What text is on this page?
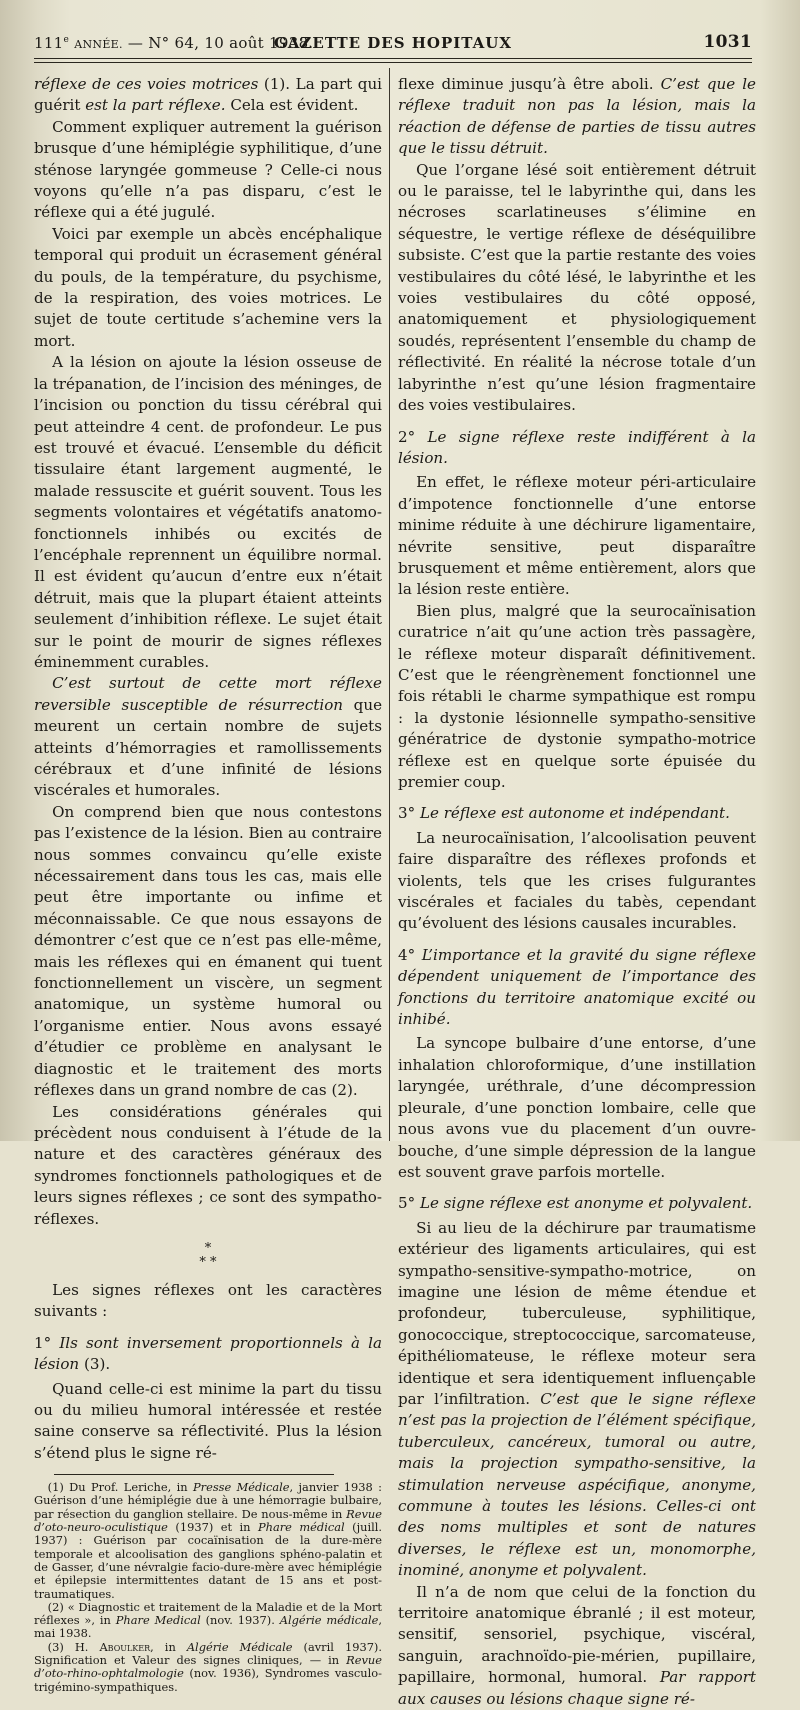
111e ANNÉE. — N° 64, 10 août 1938.
GAZETTE DES HOPITAUX	1031

réflexe de ces voies motrices (1). La part qui guérit est la part réflexe. Cela est évident.

Comment expliquer autrement la guérison brusque d’une hémiplégie syphilitique, d’une sténose laryngée gommeuse ? Celle-ci nous voyons qu’elle n’a pas disparu, c’est le réflexe qui a été jugulé.

Voici par exemple un abcès encéphalique temporal qui produit un écrasement général du pouls, de la température, du psychisme, de la respiration, des voies motrices. Le sujet de toute certitude s’achemine vers la mort.

A la lésion on ajoute la lésion osseuse de la trépanation, de l’incision des méninges, de l’incision ou ponction du tissu cérébral qui peut atteindre 4 cent. de profondeur. Le pus est trouvé et évacué. L’ensemble du déficit tissulaire étant largement augmenté, le malade ressuscite et guérit souvent. Tous les segments volontaires et végétatifs anatomo-fonctionnels inhibés ou excités de l’encéphale reprennent un équilibre normal. Il est évident qu’aucun d’entre eux n’était détruit, mais que la plupart étaient atteints seulement d’inhibition réflexe. Le sujet était sur le point de mourir de signes réflexes éminemment curables.

C’est surtout de cette mort réflexe reversible susceptible de résurrection que meurent un certain nombre de sujets atteints d’hémorragies et ramollissements cérébraux et d’une infinité de lésions viscérales et humorales.

On comprend bien que nous contestons pas l’existence de la lésion. Bien au contraire nous sommes convaincu qu’elle existe nécessairement dans tous les cas, mais elle peut être importante ou infime et méconnaissable. Ce que nous essayons de démontrer c’est que ce n’est pas elle-même, mais les réflexes qui en émanent qui tuent fonctionnellement un viscère, un segment anatomique, un système humoral ou l’organisme entier. Nous avons essayé d’étudier ce problème en analysant le diagnostic et le traitement des morts réflexes dans un grand nombre de cas (2).

Les considérations générales qui précèdent nous conduisent à l’étude de la nature et des caractères généraux des syndromes fonctionnels pathologiques et de leurs signes réflexes ; ce sont des sympatho-réflexes.

*
* *

Les signes réflexes ont les caractères suivants :

1° Ils sont inversement proportionnels à la lésion (3).

Quand celle-ci est minime la part du tissu ou du milieu humoral intéressée et restée saine conserve sa réflectivité. Plus la lésion s’étend plus le signe ré-

(1) Du Prof. Leriche, in Presse Médicale, janvier 1938 : Guérison d’une hémiplégie due à une hémorragie bulbaire, par résection du ganglion stellaire. De nous-même in Revue d’oto-neuro-oculistique (1937) et in Phare médical (juill. 1937) : Guérison par cocaïnisation de la dure-mère temporale et alcoolisation des ganglions sphéno-palatin et de Gasser, d’une névralgie facio-dure-mère avec hémiplégie et épilepsie intermittentes datant de 15 ans et post-traumatiques.

(2) « Diagnostic et traitement de la Maladie et de la Mort réflexes », in Phare Medical (nov. 1937). Algérie médicale, mai 1938.

(3) H. Aboulker, in Algérie Médicale (avril 1937). Signification et Valeur des signes cliniques, — in Revue d’oto-rhino-ophtalmologie (nov. 1936), Syndromes vasculo-trigémino-sympathiques.

flexe diminue jusqu’à être aboli. C’est que le réflexe traduit non pas la lésion, mais la réaction de défense de parties de tissu autres que le tissu détruit.

Que l’organe lésé soit entièrement détruit ou le paraisse, tel le labyrinthe qui, dans les nécroses scarlatineuses s’élimine en séquestre, le vertige réflexe de déséquilibre subsiste. C’est que la partie restante des voies vestibulaires du côté lésé, le labyrinthe et les voies vestibulaires du côté opposé, anatomiquement et physiologiquement soudés, représentent l’ensemble du champ de réflectivité. En réalité la nécrose totale d’un labyrinthe n’est qu’une lésion fragmentaire des voies vestibulaires.

2° Le signe réflexe reste indifférent à la lésion.

En effet, le réflexe moteur péri-articulaire d’impotence fonctionnelle d’une entorse minime réduite à une déchirure ligamentaire, névrite sensitive, peut disparaître brusquement et même entièrement, alors que la lésion reste entière.

Bien plus, malgré que la seurocaïnisation curatrice n’ait qu’une action très passagère, le réflexe moteur disparaît définitivement. C’est que le réengrènement fonctionnel une fois rétabli le charme sympathique est rompu : la dystonie lésionnelle sympatho-sensitive génératrice de dystonie sympatho-motrice réflexe est en quelque sorte épuisée du premier coup.

3° Le réflexe est autonome et indépendant.

La neurocaïnisation, l’alcoolisation peuvent faire disparaître des réflexes profonds et violents, tels que les crises fulgurantes viscérales et faciales du tabès, cependant qu’évoluent des lésions causales incurables.

4° L’importance et la gravité du signe réflexe dépendent uniquement de l’importance des fonctions du territoire anatomique excité ou inhibé.

La syncope bulbaire d’une entorse, d’une inhalation chloroformique, d’une instillation laryngée, uréthrale, d’une décompression pleurale, d’une ponction lombaire, celle que nous avons vue du placement d’un ouvre-bouche, d’une simple dépression de la langue est souvent grave parfois mortelle.

5° Le signe réflexe est anonyme et polyvalent.

Si au lieu de la déchirure par traumatisme extérieur des ligaments articulaires, qui est sympatho-sensitive-sympatho-motrice, on imagine une lésion de même étendue et profondeur, tuberculeuse, syphilitique, gonococcique, streptococcique, sarcomateuse, épithéliomateuse, le réflexe moteur sera identique et sera identiquement influençable par l’infiltration. C’est que le signe réflexe n’est pas la projection de l’élément spécifique, tuberculeux, cancéreux, tumoral ou autre, mais la projection sympatho-sensitive, la stimulation nerveuse aspécifique, anonyme, commune à toutes les lésions. Celles-ci ont des noms multiples et sont de natures diverses, le réflexe est un, monomorphe, inominé, anonyme et polyvalent.

Il n’a de nom que celui de la fonction du territoire anatomique ébranlé ; il est moteur, sensitif, sensoriel, psychique, viscéral, sanguin, arachnoïdo-pie-mérien, pupillaire, papillaire, hormonal, humoral. Par rapport aux causes ou lésions chaque signe ré-
